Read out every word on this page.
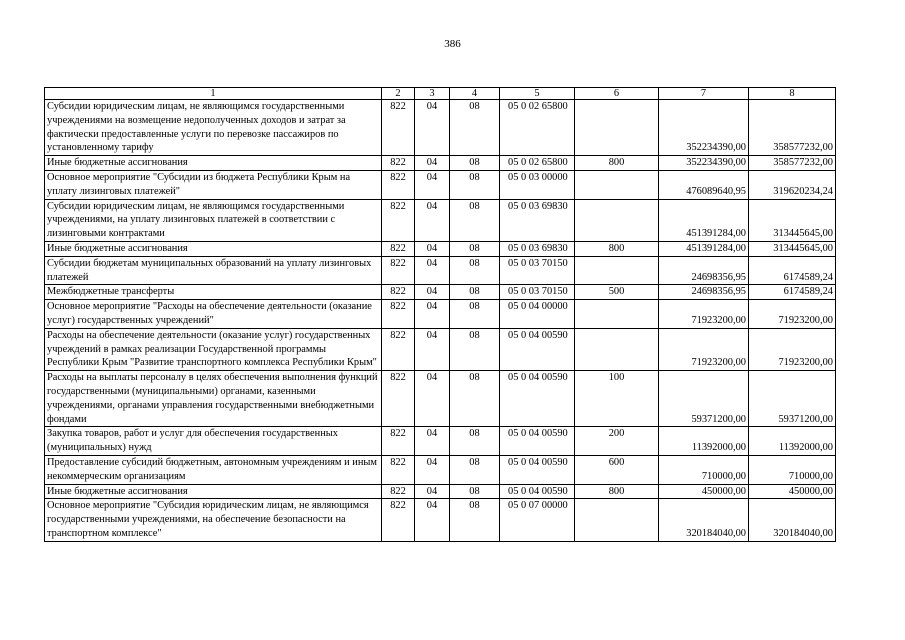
386
1	2	3	4	5	6	7	8
Субсидии юридическим лицам, не являющимся государственными учреждениями на возмещение недополученных доходов и затрат за фактически предоставленные услуги по перевозке пассажиров по установленному тарифу	822	04	08	05 0 02 65800		352234390,00	358577232,00
Иные бюджетные ассигнования	822	04	08	05 0 02 65800	800	352234390,00	358577232,00
Основное мероприятие "Субсидии из бюджета Республики Крым на уплату лизинговых платежей"	822	04	08	05 0 03 00000		476089640,95	319620234,24
Субсидии юридическим лицам, не являющимся государственными учреждениями, на уплату лизинговых платежей в соответствии с лизинговыми контрактами	822	04	08	05 0 03 69830		451391284,00	313445645,00
Иные бюджетные ассигнования	822	04	08	05 0 03 69830	800	451391284,00	313445645,00
Субсидии бюджетам муниципальных образований на уплату лизинговых платежей	822	04	08	05 0 03 70150		24698356,95	6174589,24
Межбюджетные трансферты	822	04	08	05 0 03 70150	500	24698356,95	6174589,24
Основное мероприятие "Расходы на обеспечение деятельности (оказание услуг) государственных учреждений"	822	04	08	05 0 04 00000		71923200,00	71923200,00
Расходы на обеспечение деятельности (оказание услуг) государственных учреждений в рамках реализации Государственной программы Республики Крым "Развитие транспортного комплекса Республики Крым"	822	04	08	05 0 04 00590		71923200,00	71923200,00
Расходы на выплаты персоналу в целях обеспечения выполнения функций государственными (муниципальными) органами, казенными учреждениями, органами управления государственными внебюджетными фондами	822	04	08	05 0 04 00590	100	59371200,00	59371200,00
Закупка товаров, работ и услуг для обеспечения государственных (муниципальных) нужд	822	04	08	05 0 04 00590	200	11392000,00	11392000,00
Предоставление субсидий бюджетным, автономным учреждениям и иным некоммерческим организациям	822	04	08	05 0 04 00590	600	710000,00	710000,00
Иные бюджетные ассигнования	822	04	08	05 0 04 00590	800	450000,00	450000,00
Основное мероприятие "Субсидия юридическим лицам, не являющимся государственными учреждениями, на обеспечение безопасности на транспортном комплексе"	822	04	08	05 0 07 00000		320184040,00	320184040,00
